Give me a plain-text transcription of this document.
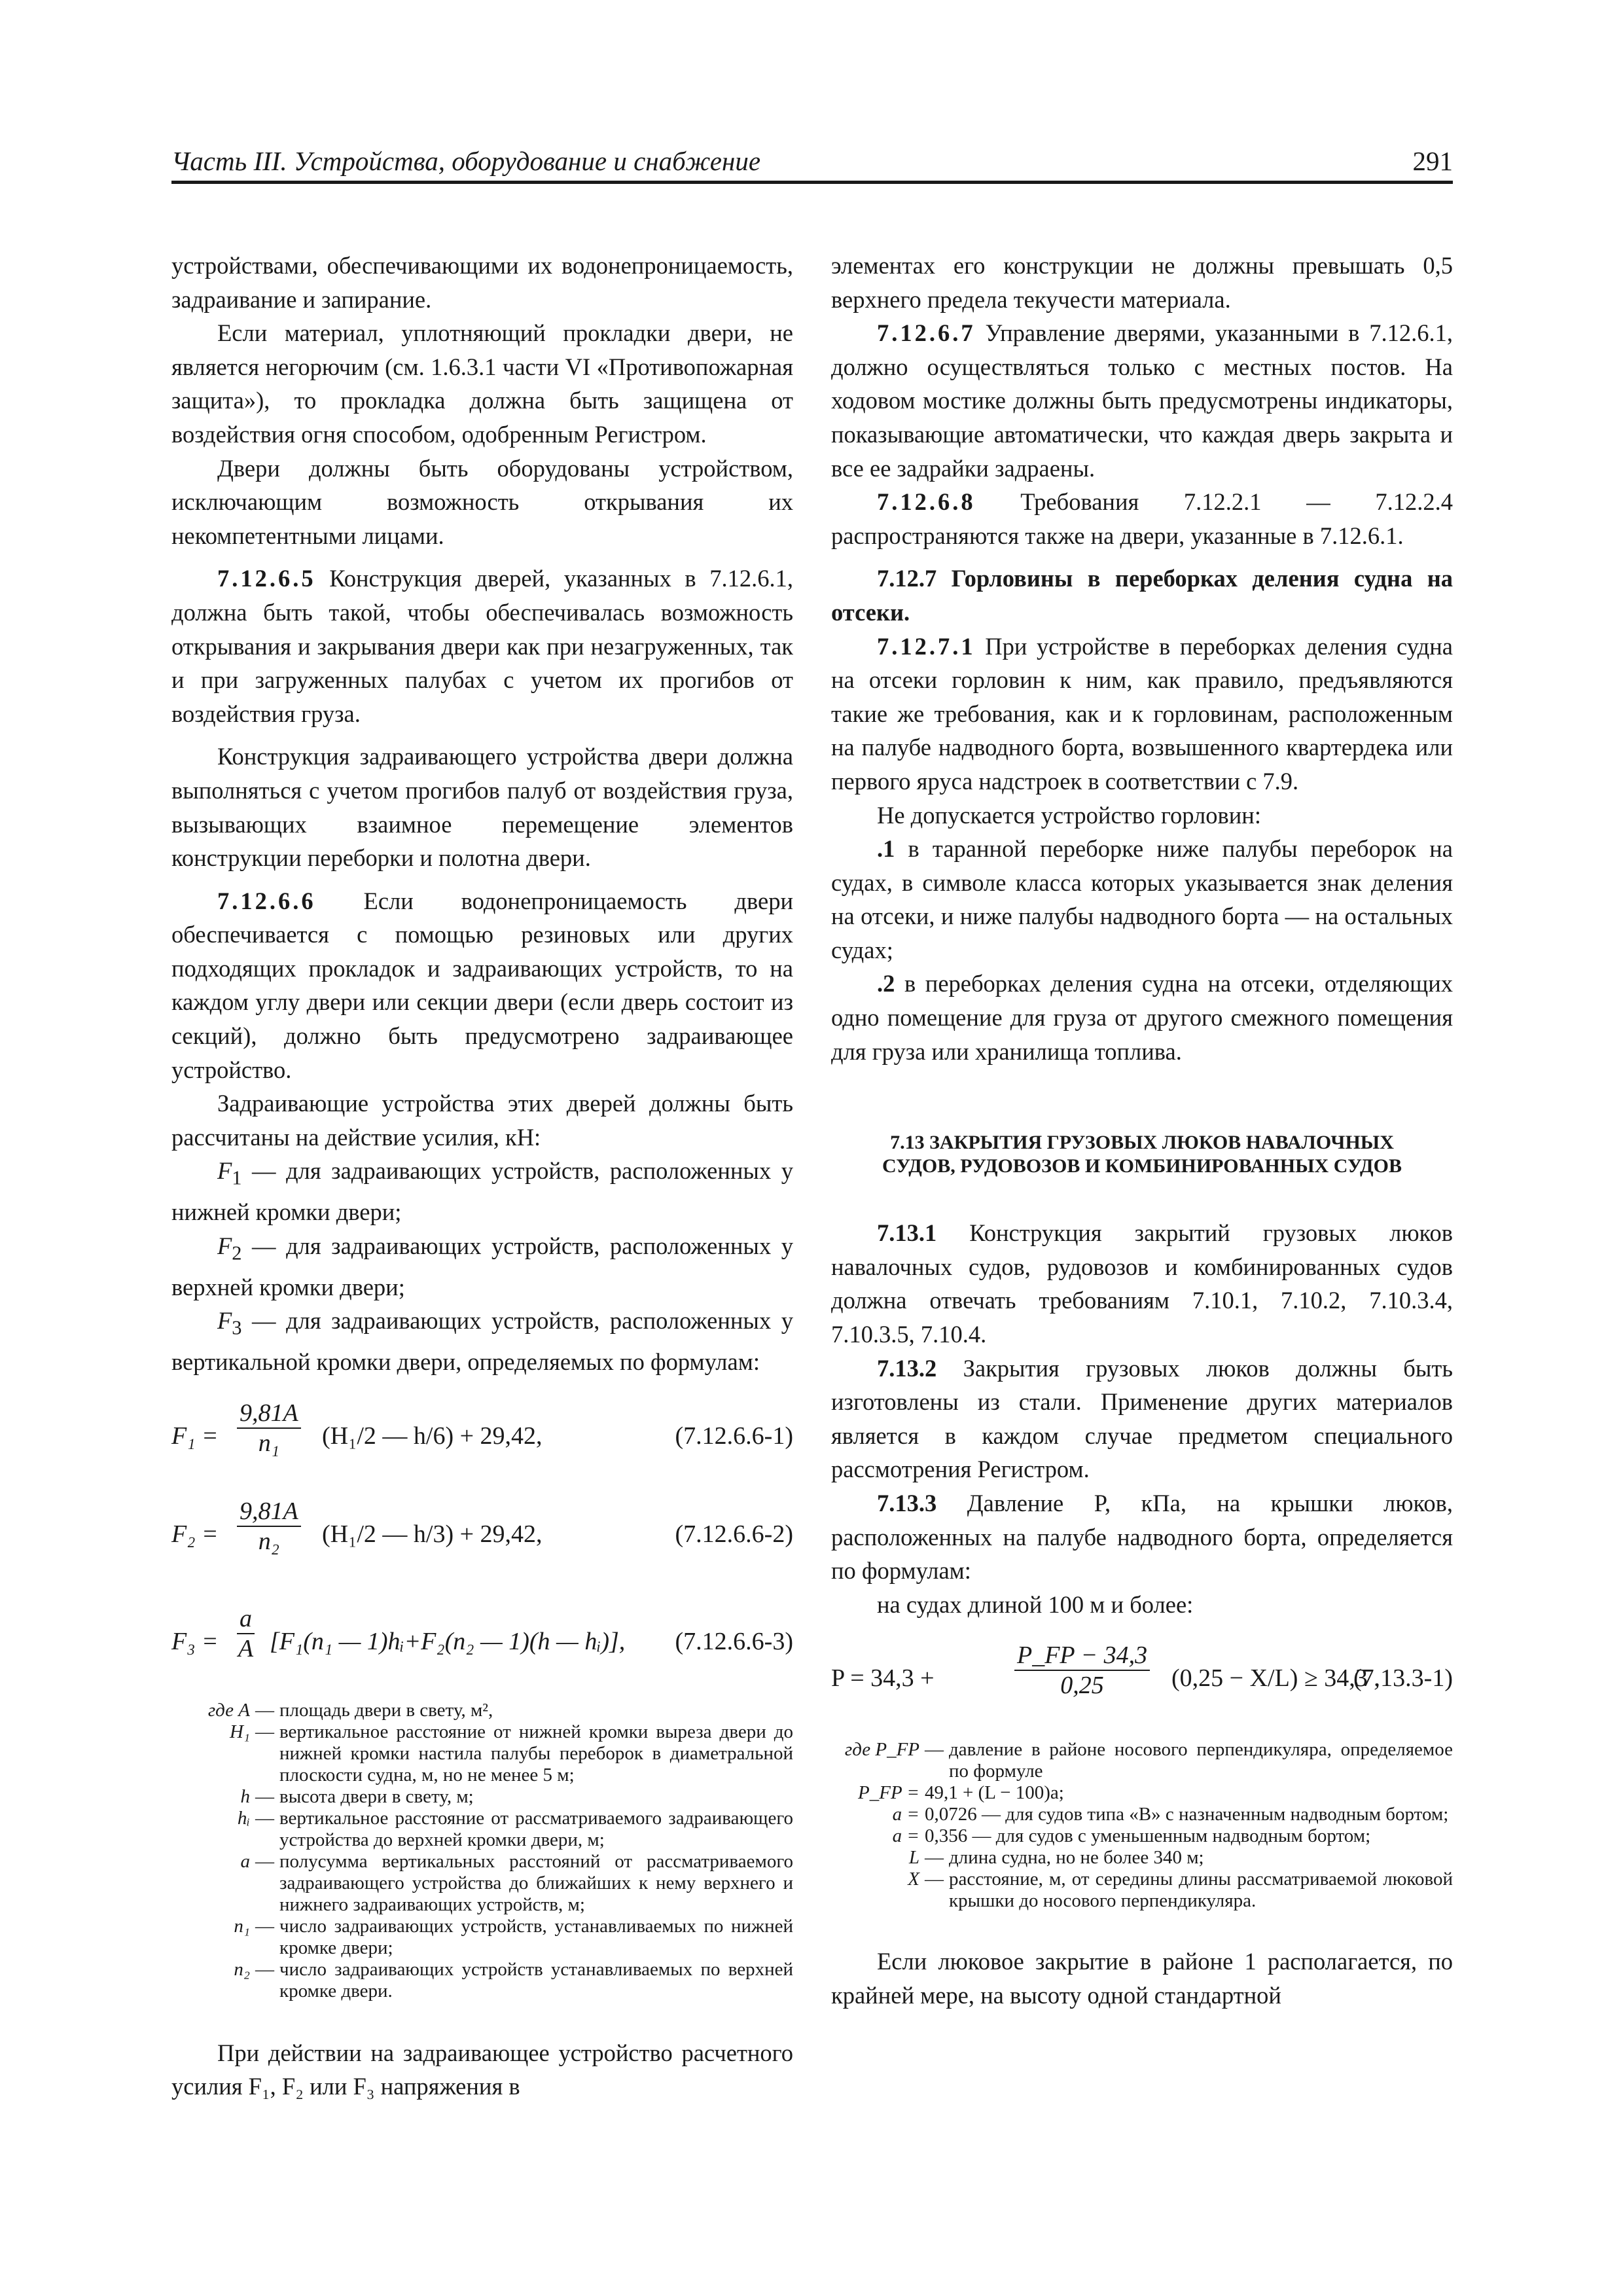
Часть III. Устройства, оборудование и снабжение	291

устройствами, обеспечивающими их водонепроницаемость, задраивание и запирание.

Если материал, уплотняющий прокладки двери, не является негорючим (см. 1.6.3.1 части VI «Противопожарная защита»), то прокладка должна быть защищена от воздействия огня способом, одобренным Регистром.

Двери должны быть оборудованы устройством, исключающим возможность открывания их некомпетентными лицами.

7.12.6.5 Конструкция дверей, указанных в 7.12.6.1, должна быть такой, чтобы обеспечивалась возможность открывания и закрывания двери как при незагруженных, так и при загруженных палубах с учетом их прогибов от воздействия груза.

Конструкция задраивающего устройства двери должна выполняться с учетом прогибов палуб от воздействия груза, вызывающих взаимное перемещение элементов конструкции переборки и полотна двери.

7.12.6.6 Если водонепроницаемость двери обеспечивается с помощью резиновых или других подходящих прокладок и задраивающих устройств, то на каждом углу двери или секции двери (если дверь состоит из секций), должно быть предусмотрено задраивающее устройство.

Задраивающие устройства этих дверей должны быть рассчитаны на действие усилия, кН:

$F_1$ — для задраивающих устройств, расположенных у нижней кромки двери;

$F_2$ — для задраивающих устройств, расположенных у верхней кромки двери;

$F_3$ — для задраивающих устройств, расположенных у вертикальной кромки двери, определяемых по формулам:

$F_1 = \frac{9,81A}{\text{n₁}} (H_1/2$ — h/6) + 29,42,	(7.12.6.6-1)
$F_2 = \frac{9,81A}{\text{n₂}} (H_1/2$ — h/3) + 29,42,	(7.12.6.6-2)
$F_3 = \frac{a}{A} [F_1(n_1$ — 1)hᵢ+F₂(n₂ — 1)(h — hᵢ)], (7.12.6.6-3)
где A — площадь двери в свету, м²,
H₁ — вертикальное расстояние от нижней кромки выреза двери до нижней кромки настила палубы переборок в диаметральной плоскости судна, м, но не менее 5 м;
h — высота двери в свету, м;
hᵢ — вертикальное расстояние от рассматриваемого задраивающего устройства до верхней кромки двери, м;
a — полусумма вертикальных расстояний от рассматриваемого задраивающего устройства до ближайших к нему верхнего и нижнего задраивающих устройств, м;
n₁ — число задраивающих устройств, устанавливаемых по нижней кромке двери;
n₂ — число задраивающих устройств устанавливаемых по верхней кромке двери.

При действии на задраивающее устройство расчетного усилия F₁, F₂ или F₃ напряжения в

элементах его конструкции не должны превышать 0,5 верхнего предела текучести материала.

7.12.6.7 Управление дверями, указанными в 7.12.6.1, должно осуществляться только с местных постов. На ходовом мостике должны быть предусмотрены индикаторы, показывающие автоматически, что каждая дверь закрыта и все ее задрайки задраены.

7.12.6.8 Требования 7.12.2.1 — 7.12.2.4 распространяются также на двери, указанные в 7.12.6.1.

7.12.7 Горловины в переборках деления судна на отсеки.

7.12.7.1 При устройстве в переборках деления судна на отсеки горловин к ним, как правило, предъявляются такие же требования, как и к горловинам, расположенным на палубе надводного борта, возвышенного квартердека или первого яруса надстроек в соответствии с 7.9.

Не допускается устройство горловин:

.1 в таранной переборке ниже палубы переборок на судах, в символе класса которых указывается знак деления на отсеки, и ниже палубы надводного борта — на остальных судах;

.2 в переборках деления судна на отсеки, отделяющих одно помещение для груза от другого смежного помещения для груза или хранилища топлива.

7.13 ЗАКРЫТИЯ ГРУЗОВЫХ ЛЮКОВ НАВАЛОЧНЫХ
СУДОВ, РУДОВОЗОВ И КОМБИНИРОВАННЫХ СУДОВ

7.13.1 Конструкция закрытий грузовых люков навалочных судов, рудовозов и комбинированных судов должна отвечать требованиям 7.10.1, 7.10.2, 7.10.3.4, 7.10.3.5, 7.10.4.

7.13.2 Закрытия грузовых люков должны быть изготовлены из стали. Применение других материалов является в каждом случае предметом специального рассмотрения Регистром.

7.13.3 Давление P, кПа, на крышки люков, расположенных на палубе надводного борта, определяется по формулам:

на судах длиной 100 м и более:

P = 34,3 +	$\frac{P\_FP - 34,3}{0,25} (0,25 - X/L) \ge 34,3$ ,
(7.13.3-1)
где P_FP — давление в районе носового перпендикуляра, определяемое по формуле
P_FP = 49,1 + (L − 100)a;
a = 0,0726 — для судов типа «B» с назначенным надводным бортом;
a = 0,356 — для судов с уменьшенным надводным бортом;
L — длина судна, но не более 340 м;
X — расстояние, м, от середины длины рассматриваемой люковой крышки до носового перпендикуляра.

Если люковое закрытие в районе 1 располагается, по крайней мере, на высоту одной стандартной
